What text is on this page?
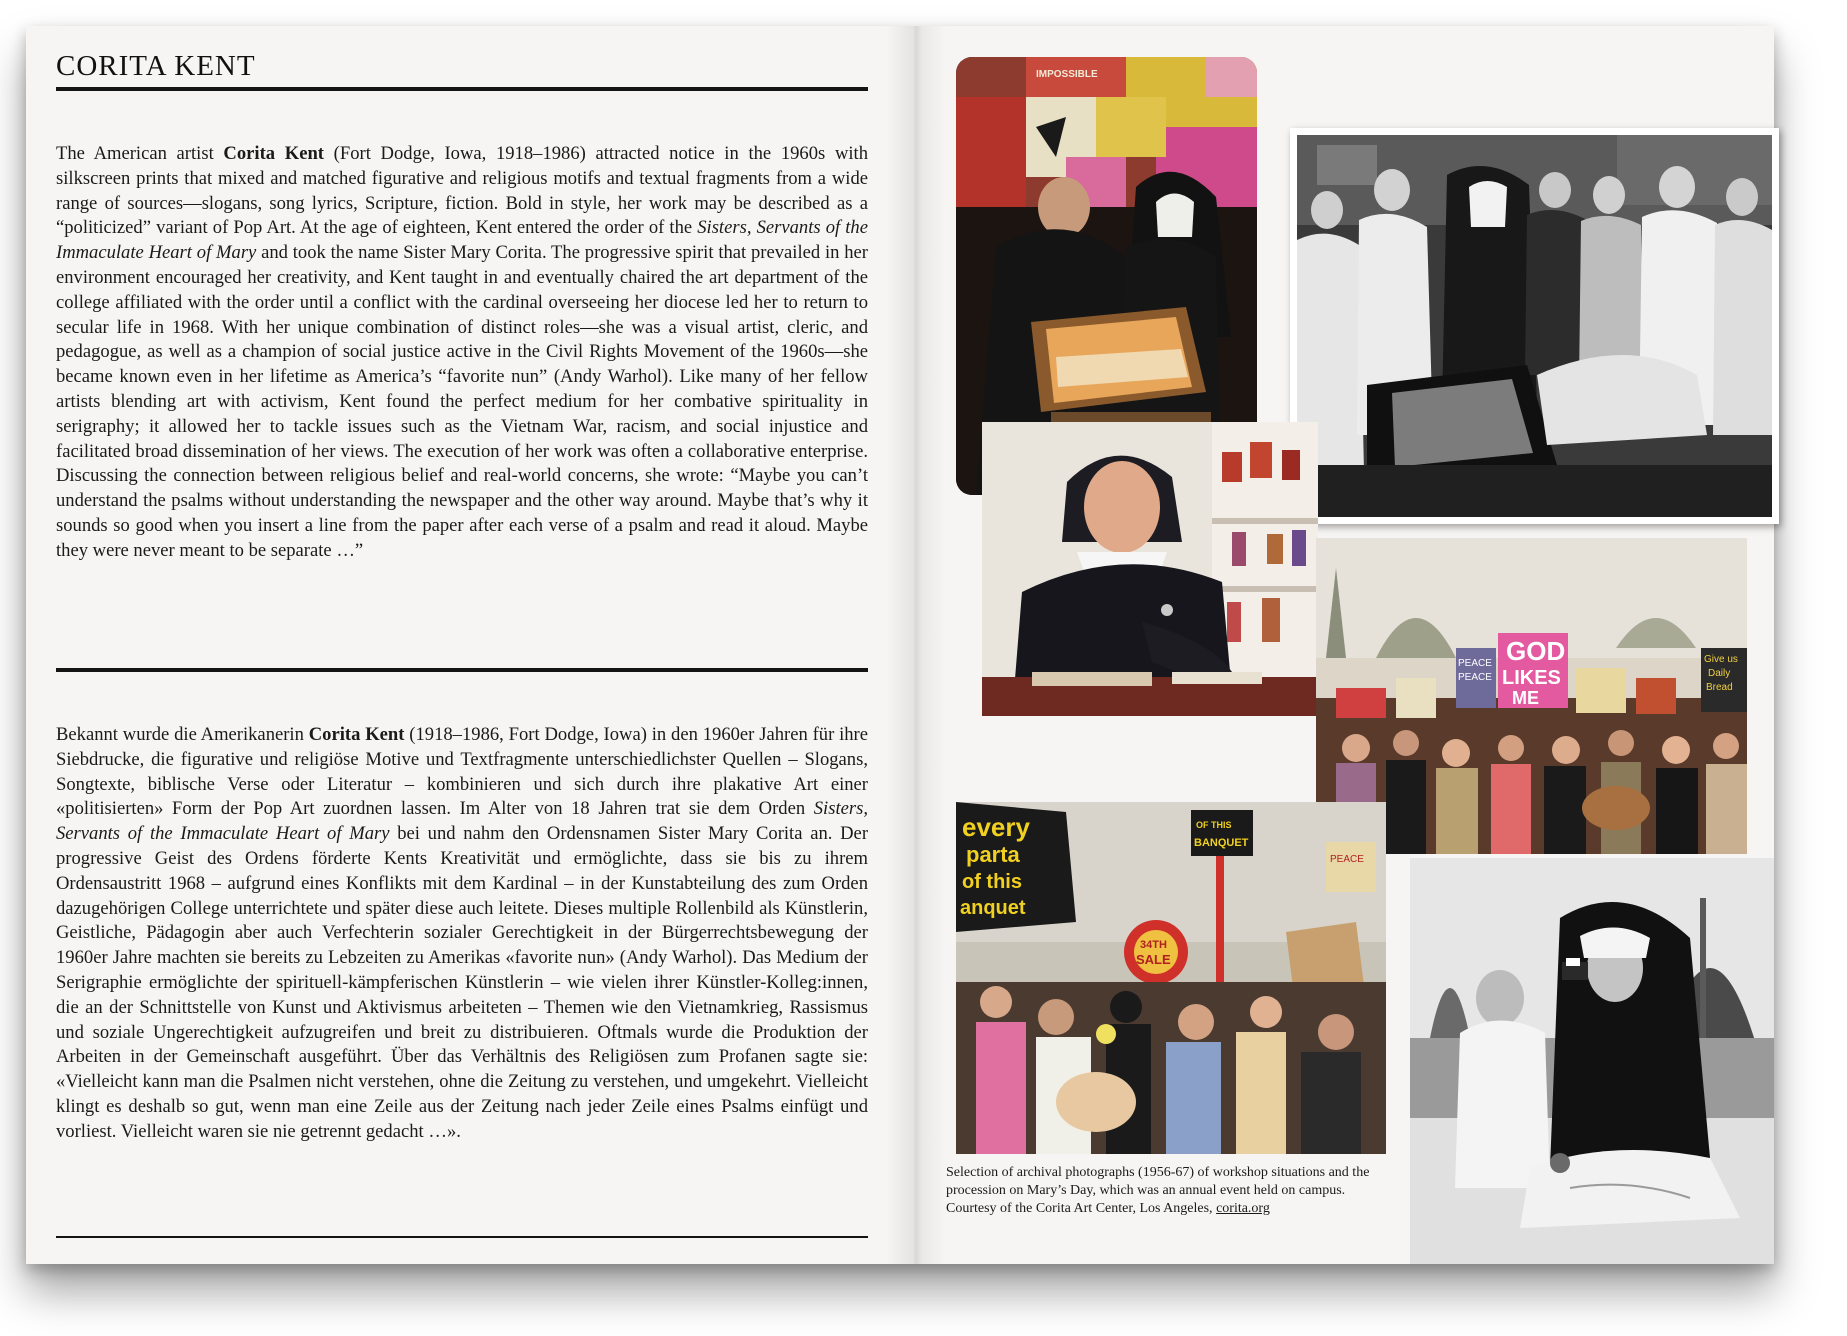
CORITA KENT

The American artist Corita Kent (Fort Dodge, Iowa, 1918–1986) attracted notice in the 1960s with silkscreen prints that mixed and matched figurative and religious motifs and textual fragments from a wide range of sources—slogans, song lyrics, Scripture, fiction. Bold in style, her work may be described as a “politicized” variant of Pop Art. At the age of eighteen, Kent entered the order of the Sisters, Servants of the Immaculate Heart of Mary and took the name Sister Mary Corita. The progressive spirit that prevailed in her environment encouraged her creativity, and Kent taught in and eventually chaired the art department of the college affiliated with the order until a conflict with the cardinal overseeing her diocese led her to return to secular life in 1968. With her unique combination of distinct roles—she was a visual artist, cleric, and pedagogue, as well as a champion of social justice active in the Civil Rights Movement of the 1960s—she became known even in her lifetime as America’s “favorite nun” (Andy Warhol). Like many of her fellow artists blending art with activism, Kent found the perfect medium for her combative spirituality in serigraphy; it allowed her to tackle issues such as the Vietnam War, racism, and social injustice and facilitated broad dissemination of her views. The execution of her work was often a collaborative enterprise. Discussing the connection between religious belief and real-world concerns, she wrote: “Maybe you can’t understand the psalms without understanding the newspaper and the other way around. Maybe that’s why it sounds so good when you insert a line from the paper after each verse of a psalm and read it aloud. Maybe they were never meant to be separate …”

Bekannt wurde die Amerikanerin Corita Kent (1918–1986, Fort Dodge, Iowa) in den 1960er Jahren für ihre Siebdrucke, die figurative und religiöse Motive und Textfragmente unterschiedlichster Quellen – Slogans, Songtexte, biblische Verse oder Literatur – kombinieren und sich durch ihre plakative Art einer «politisierten» Form der Pop Art zuordnen lassen. Im Alter von 18 Jahren trat sie dem Orden Sisters, Servants of the Immaculate Heart of Mary bei und nahm den Ordensnamen Sister Mary Corita an. Der progressive Geist des Ordens förderte Kents Kreativität und ermöglichte, dass sie bis zu ihrem Ordensaustritt 1968 – aufgrund eines Konflikts mit dem Kardinal – in der Kunstabteilung des zum Orden dazugehörigen College unterrichtete und später diese auch leitete. Dieses multiple Rollenbild als Künstlerin, Geistliche, Pädagogin aber auch Verfechterin sozialer Gerechtigkeit in der Bürgerrechtsbewegung der 1960er Jahre machten sie bereits zu Lebzeiten zu Amerikas «favorite nun» (Andy Warhol). Das Medium der Serigraphie ermöglichte der spirituell-kämpferischen Künstlerin – wie vielen ihrer Künstler-Kolleg:innen, die an der Schnittstelle von Kunst und Aktivismus arbeiteten – Themen wie den Vietnamkrieg, Rassismus und soziale Ungerechtigkeit aufzugreifen und breit zu distribuieren. Oftmals wurde die Produktion der Arbeiten in der Gemeinschaft ausgeführt. Über das Verhältnis des Religiösen zum Profanen sagte sie: «Vielleicht kann man die Psalmen nicht verstehen, ohne die Zeitung zu verstehen, und umgekehrt. Vielleicht klingt es deshalb so gut, wenn man eine Zeile aus der Zeitung nach jeder Zeile eines Psalms einfügt und vorliest. Vielleicht waren sie nie getrennt gedacht …».

IMPOSSIBLE
GOD
LIKES
ME
PEACE
PEACE
Give us
Daily
Bread
every
parta
of this
anquet
OF THIS
BANQUET
PEACE
34TH
SALE

Selection of archival photographs (1956-67) of workshop situations and the procession on Mary’s Day, which was an annual event held on campus.
Courtesy of the Corita Art Center, Los Angeles, corita.org
